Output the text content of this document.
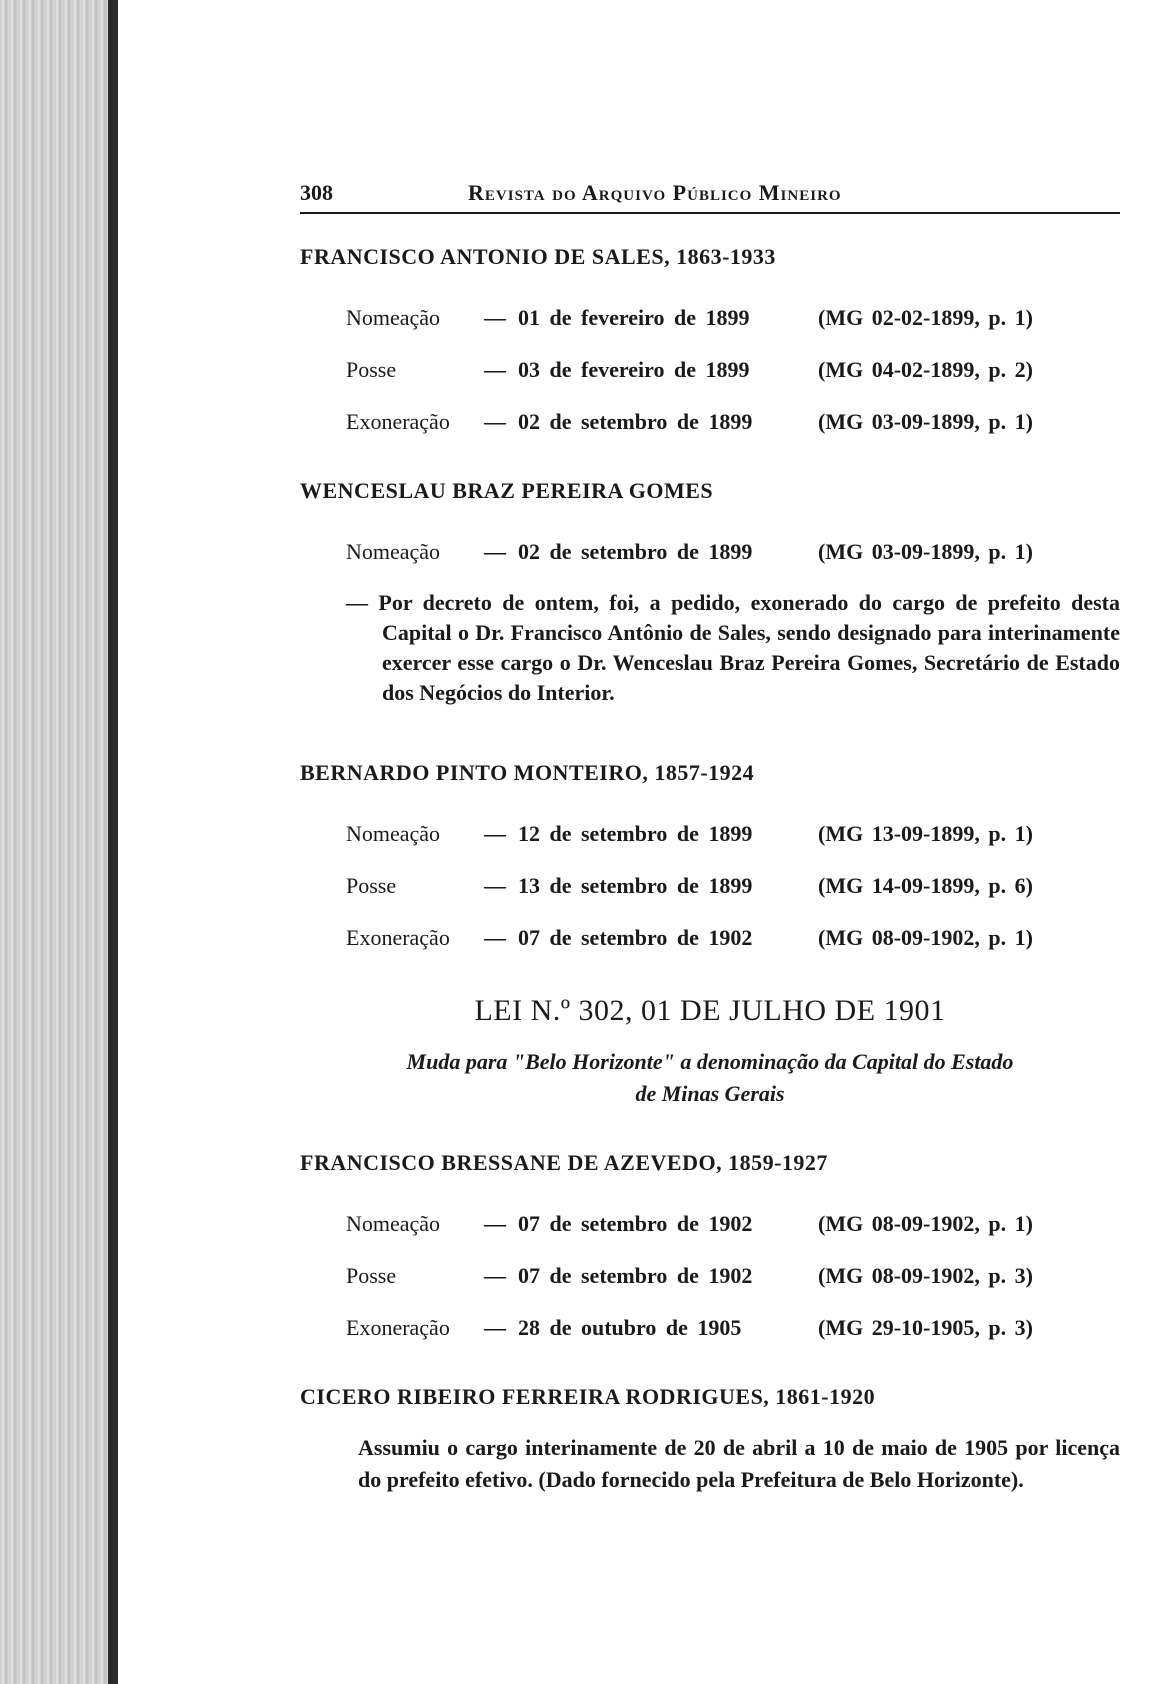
308	Revista do Arquivo Público Mineiro
FRANCISCO ANTONIO DE SALES, 1863-1933
Nomeação	— 01 de fevereiro de 1899	(MG 02-02-1899, p. 1)
Posse	— 03 de fevereiro de 1899	(MG 04-02-1899, p. 2)
Exoneração	— 02 de setembro de 1899	(MG 03-09-1899, p. 1)
WENCESLAU BRAZ PEREIRA GOMES
Nomeação	— 02 de setembro de 1899	(MG 03-09-1899, p. 1)
— Por decreto de ontem, foi, a pedido, exonerado do cargo de prefeito desta Capital o Dr. Francisco Antônio de Sales, sendo designado para interinamente exercer esse cargo o Dr. Wenceslau Braz Pereira Gomes, Secretário de Estado dos Negócios do Interior.
BERNARDO PINTO MONTEIRO, 1857-1924
Nomeação	— 12 de setembro de 1899	(MG 13-09-1899, p. 1)
Posse	— 13 de setembro de 1899	(MG 14-09-1899, p. 6)
Exoneração	— 07 de setembro de 1902	(MG 08-09-1902, p. 1)
LEI N.º 302, 01 DE JULHO DE 1901
Muda para "Belo Horizonte" a denominação da Capital do Estado
de Minas Gerais
FRANCISCO BRESSANE DE AZEVEDO, 1859-1927
Nomeação	— 07 de setembro de 1902	(MG 08-09-1902, p. 1)
Posse	— 07 de setembro de 1902	(MG 08-09-1902, p. 3)
Exoneração	— 28 de outubro de 1905	(MG 29-10-1905, p. 3)
CICERO RIBEIRO FERREIRA RODRIGUES, 1861-1920
Assumiu o cargo interinamente de 20 de abril a 10 de maio de 1905 por licença do prefeito efetivo. (Dado fornecido pela Prefeitura de Belo Horizonte).
